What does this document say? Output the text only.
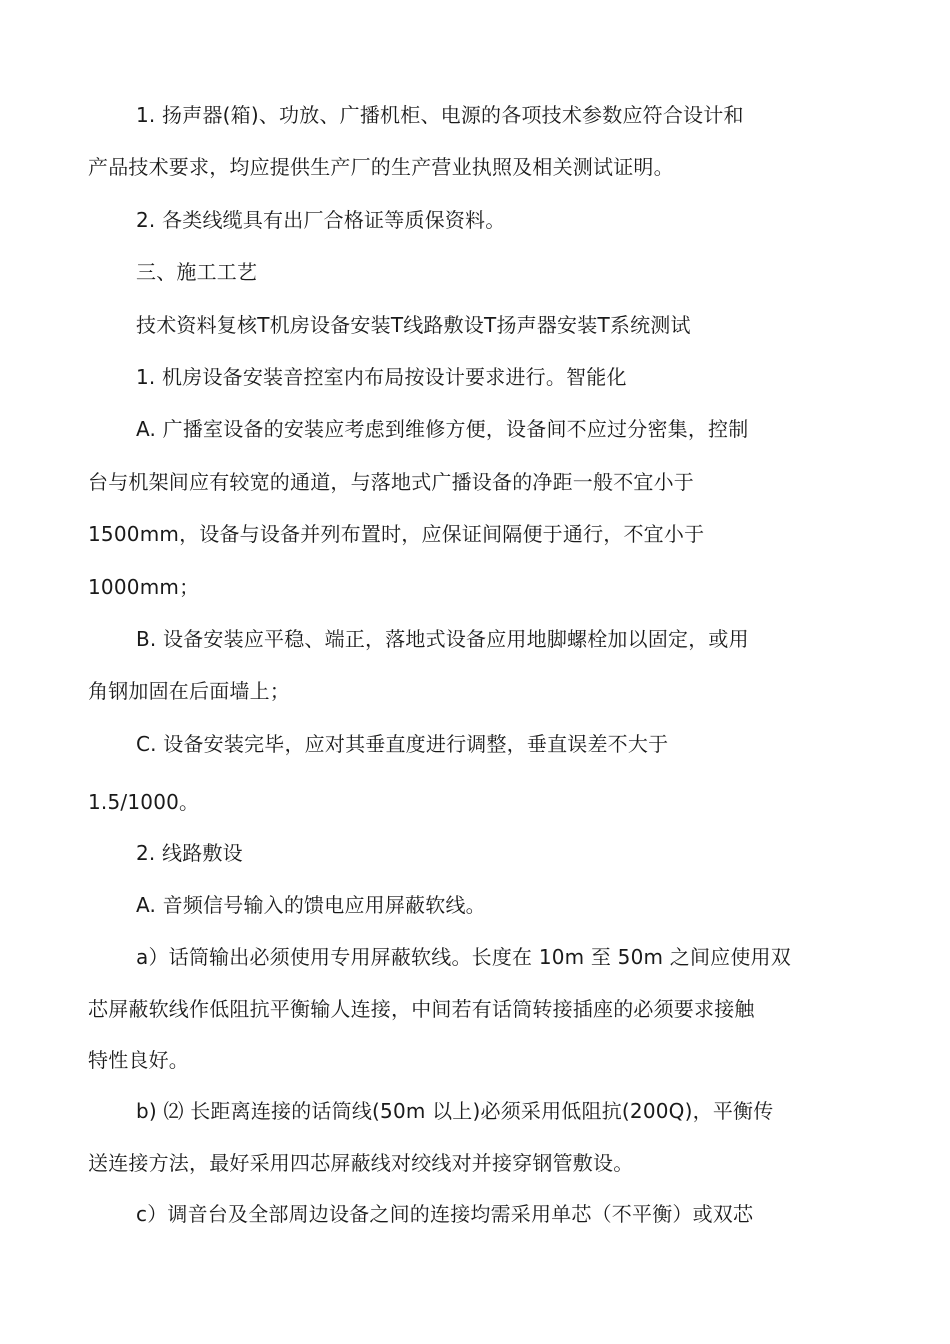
1. 扬声器(箱)、功放、广播机柜、电源的各项技术参数应符合设计和
产品技术要求，均应提供生产厂的生产营业执照及相关测试证明。
2. 各类线缆具有出厂合格证等质保资料。
三、施工工艺
技术资料复核T机房设备安装T线路敷设T扬声器安装T系统测试
1. 机房设备安装音控室内布局按设计要求进行。智能化
A. 广播室设备的安装应考虑到维修方便，设备间不应过分密集，控制
台与机架间应有较宽的通道，与落地式广播设备的净距一般不宜小于
1500mm，设备与设备并列布置时，应保证间隔便于通行，不宜小于
1000mm；
B. 设备安装应平稳、端正，落地式设备应用地脚螺栓加以固定，或用
角钢加固在后面墙上；
C. 设备安装完毕，应对其垂直度进行调整，垂直误差不大于
1.5/1000。
2. 线路敷设
A. 音频信号输入的馈电应用屏蔽软线。
a）话筒输出必须使用专用屏蔽软线。长度在 10m 至 50m 之间应使用双
芯屏蔽软线作低阻抗平衡输人连接，中间若有话筒转接插座的必须要求接触
特性良好。
b) ⑵ 长距离连接的话筒线(50m 以上)必须采用低阻抗(200Q)，平衡传
送连接方法，最好采用四芯屏蔽线对绞线对并接穿钢管敷设。
c）调音台及全部周边设备之间的连接均需采用单芯（不平衡）或双芯
